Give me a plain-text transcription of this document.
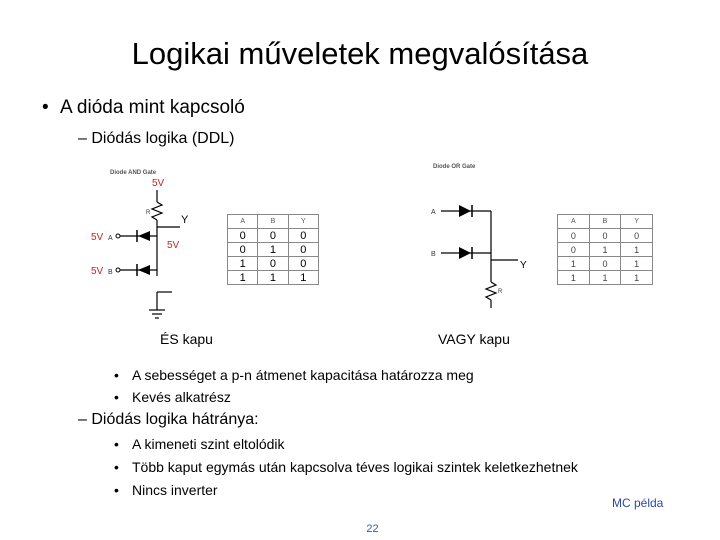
Logikai műveletek megvalósítása
• A dióda mint kapcsoló
– Diódás logika (DDL)
Diode AND Gate
5V
R
Y
5V A
5V
5V B
A	B	Y
0	0	0
0	1	0
1	0	0
1	1	1
ÉS kapu
Diode OR Gate
A
B
Y
R
A	B	Y
0	0	0
0	1	1
1	0	1
1	1	1
VAGY kapu
• A sebességet a p-n átmenet kapacitása határozza meg
• Kevés alkatrész
– Diódás logika hátránya:
• A kimeneti szint eltolódik
• Több kaput egymás után kapcsolva téves logikai szintek keletkezhetnek
• Nincs inverter
MC példa
22
